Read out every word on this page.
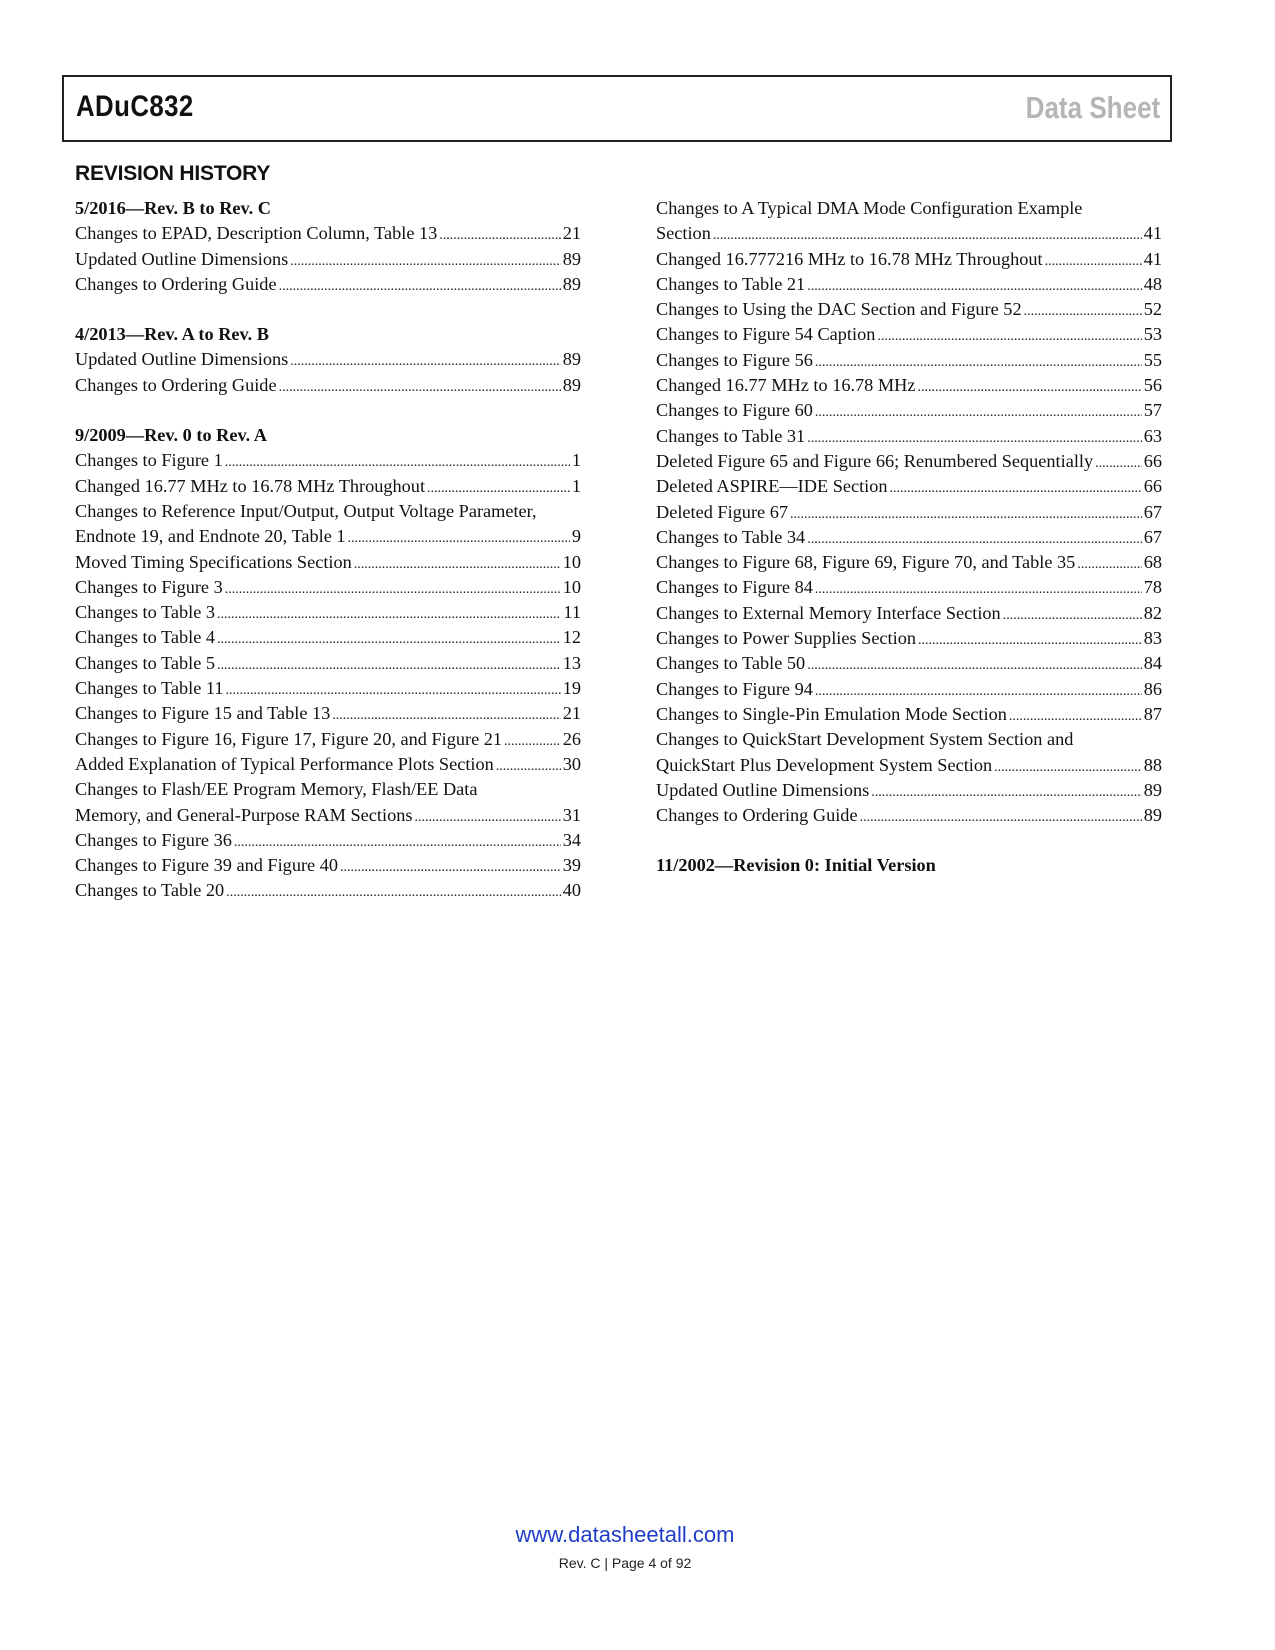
ADuC832	Data Sheet
REVISION HISTORY
5/2016—Rev. B to Rev. C
Changes to EPAD, Description Column, Table 13 .....	21
Updated Outline Dimensions .....	89
Changes to Ordering Guide .....	89
4/2013—Rev. A to Rev. B
Updated Outline Dimensions .....	89
Changes to Ordering Guide .....	89
9/2009—Rev. 0 to Rev. A
Changes to Figure 1 .....	1
Changed 16.77 MHz to 16.78 MHz Throughout .....	1
Changes to Reference Input/Output, Output Voltage Parameter,
Endnote 19, and Endnote 20, Table 1 .....	9
Moved Timing Specifications Section .....	10
Changes to Figure 3 .....	10
Changes to Table 3 .....	11
Changes to Table 4 .....	12
Changes to Table 5 .....	13
Changes to Table 11 .....	19
Changes to Figure 15 and Table 13 .....	21
Changes to Figure 16, Figure 17, Figure 20, and Figure 21 .....	26
Added Explanation of Typical Performance Plots Section .....	30
Changes to Flash/EE Program Memory, Flash/EE Data
Memory, and General-Purpose RAM Sections .....	31
Changes to Figure 36 .....	34
Changes to Figure 39 and Figure 40 .....	39
Changes to Table 20 .....	40
Changes to A Typical DMA Mode Configuration Example
Section .....	41
Changed 16.777216 MHz to 16.78 MHz Throughout .....	41
Changes to Table 21 .....	48
Changes to Using the DAC Section and Figure 52 .....	52
Changes to Figure 54 Caption .....	53
Changes to Figure 56 .....	55
Changed 16.77 MHz to 16.78 MHz .....	56
Changes to Figure 60 .....	57
Changes to Table 31 .....	63
Deleted Figure 65 and Figure 66; Renumbered Sequentially .....	66
Deleted ASPIRE—IDE Section .....	66
Deleted Figure 67 .....	67
Changes to Table 34 .....	67
Changes to Figure 68, Figure 69, Figure 70, and Table 35 .....	68
Changes to Figure 84 .....	78
Changes to External Memory Interface Section .....	82
Changes to Power Supplies Section .....	83
Changes to Table 50 .....	84
Changes to Figure 94 .....	86
Changes to Single-Pin Emulation Mode Section .....	87
Changes to QuickStart Development System Section and
QuickStart Plus Development System Section .....	88
Updated Outline Dimensions .....	89
Changes to Ordering Guide .....	89
11/2002—Revision 0: Initial Version
www.datasheetall.com
Rev. C | Page 4 of 92
